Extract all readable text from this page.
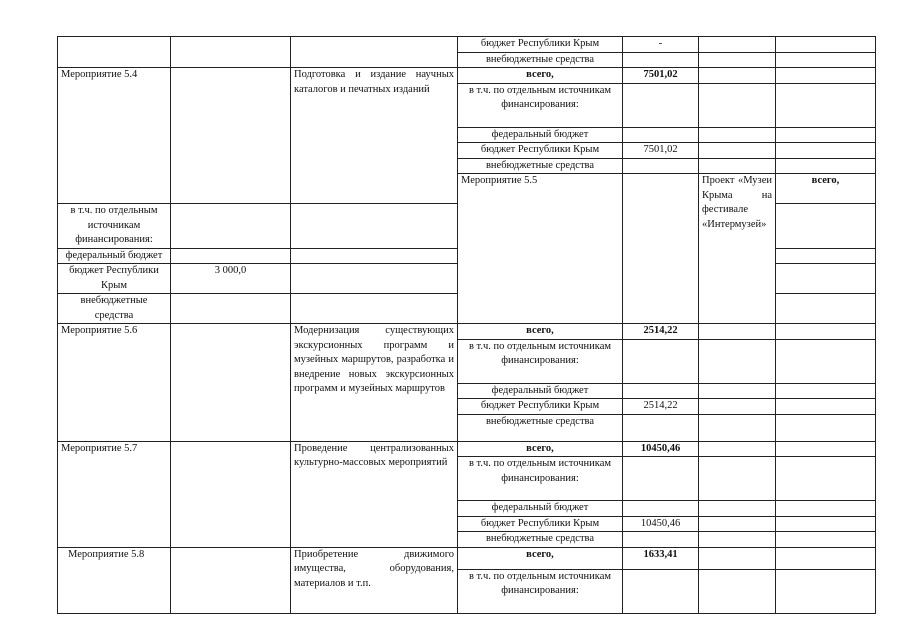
			бюджет Республики Крым	-			
			внебюджетные средства				
Мероприятие 5.4		Подготовка и издание научных каталогов и печатных изданий	всего,	7501,02			
			в т.ч. по отдельным источникам финансирования:				
			федеральный бюджет				
			бюджет Республики Крым	7501,02			
			внебюджетные средства				
			Мероприятие 5.5		Проект «Музеи Крыма на фестивале «Интермузей»	всего,			
в т.ч. по отдельным источникам финансирования:							
федеральный бюджет							
бюджет Республики Крым	3 000,0						
внебюджетные средства							
Мероприятие 5.6		Модернизация существующих экскурсионных программ и музейных маршрутов, разработка и внедрение новых экскурсионных программ и музейных маршрутов	всего,	2514,22			
			в т.ч. по отдельным источникам финансирования:				
			федеральный бюджет				
			бюджет Республики Крым	2514,22			
			внебюджетные средства				
Мероприятие 5.7		Проведение централизованных культурно-массовых мероприятий	всего,	10450,46			
			в т.ч. по отдельным источникам финансирования:				
			федеральный бюджет				
			бюджет Республики Крым	10450,46			
			внебюджетные средства				
Мероприятие 5.8		Приобретение движимого имущества, оборудования, материалов и т.п.	всего,	1633,41			
			в т.ч. по отдельным источникам финансирования:				
